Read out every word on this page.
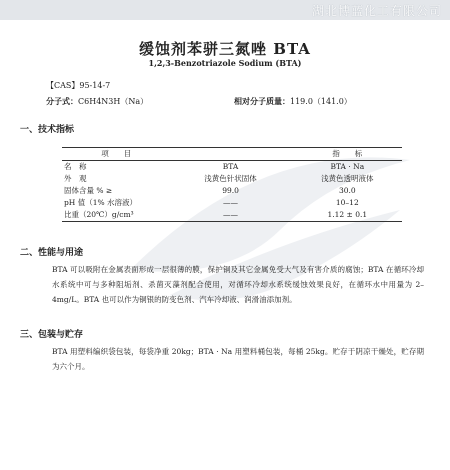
湖北博蓝化工有限公司
缓蚀剂苯骈三氮唑 BTA
1,2,3-Benzotriazole Sodium (BTA)
【CAS】95-14-7
分子式：C6H4N3H（Na）	相对分子质量：119.0（141.0）
一、技术指标
项　　目		指　　标
名　称	BTA	BTA · Na
外　观	浅黄色针状固体	浅黄色透明液体
固体含量 % ≥	99.0	30.0
pH 值（1% 水溶液）	——	10–12
比重（20℃）g/cm³	——	1.12 ± 0.1
二、性能与用途

BTA 可以吸附在金属表面形成一层很薄的膜，保护铜及其它金属免受大气及有害介质的腐蚀；BTA 在循环冷却水系统中可与多种阻垢剂、杀菌灭藻剂配合使用，对循环冷却水系统缓蚀效果良好，在循环水中用量为 2–4mg/L。BTA 也可以作为铜银的防变色剂、汽车冷却液、润滑油添加剂。

三、包装与贮存

BTA 用塑料编织袋包装，每袋净重 20kg；BTA · Na 用塑料桶包装，每桶 25kg。贮存于阴凉干燥处，贮存期为六个月。
